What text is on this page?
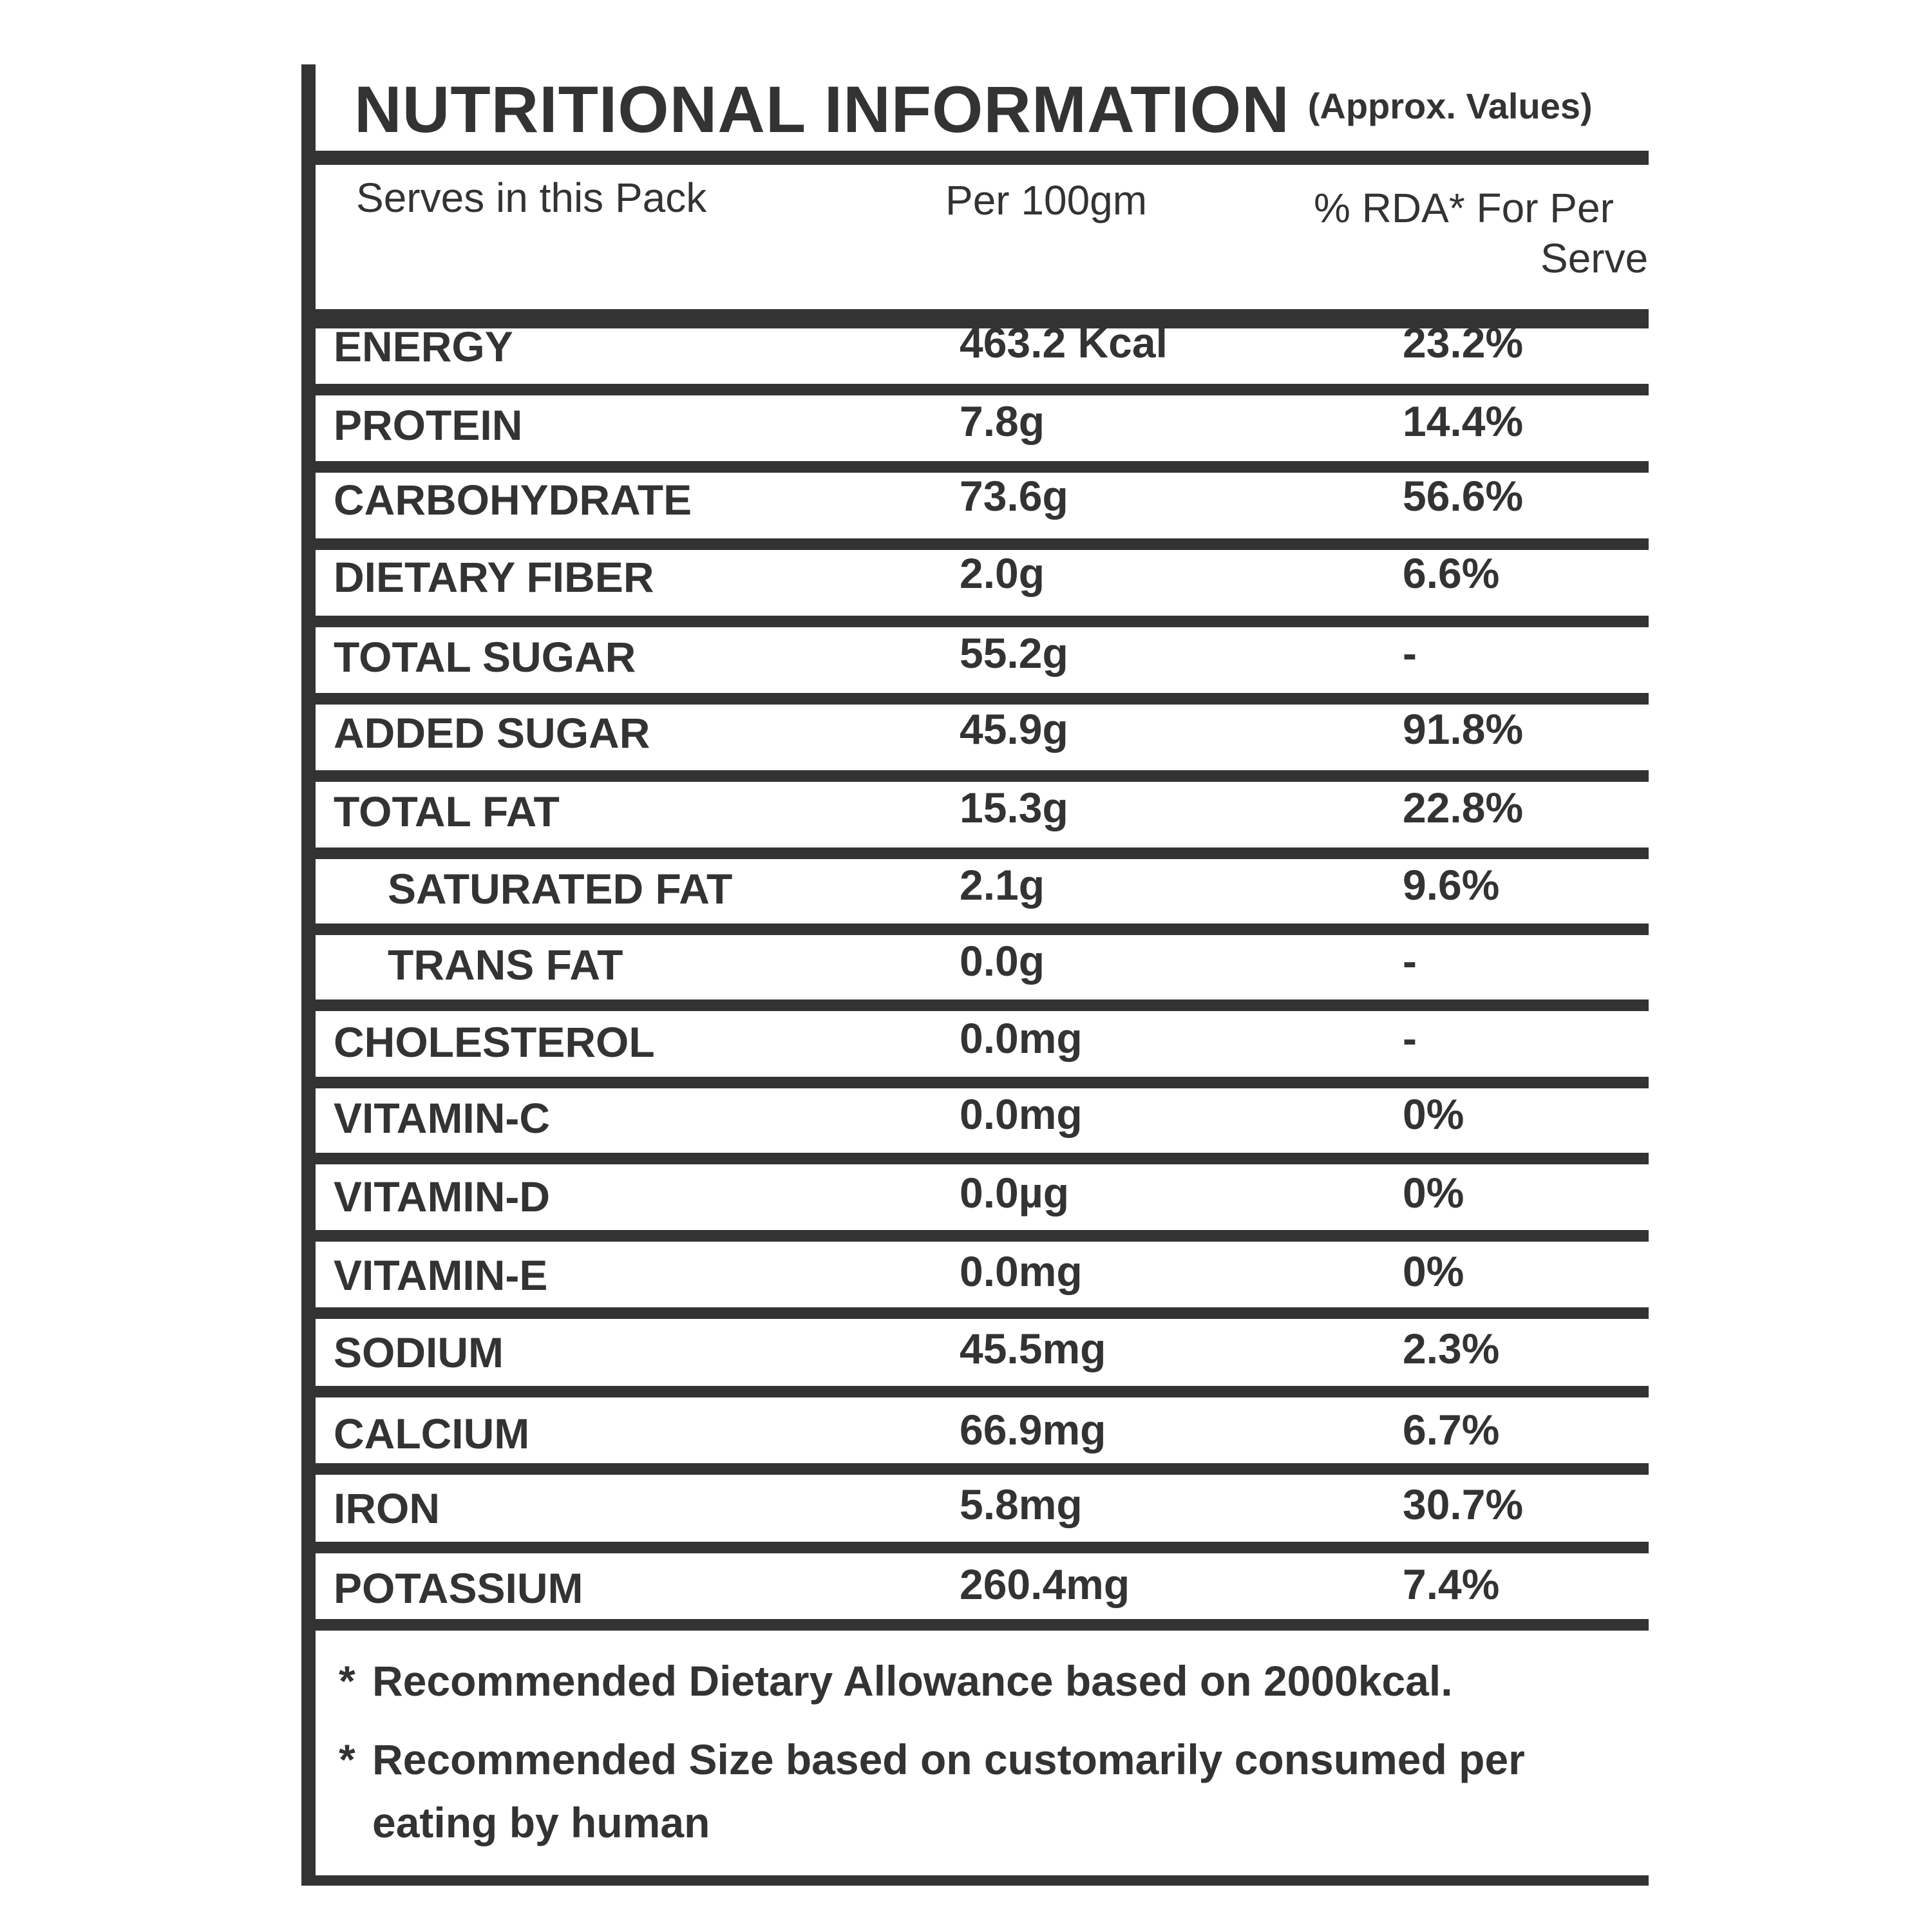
NUTRITIONAL INFORMATION (Approx. Values)
Serves in this Pack	Per 100gm	% RDA* For Per
Serve
* Recommended Dietary Allowance based on 2000kcal.
* Recommended Size based on customarily consumed per
eating by human
ENERGY	463.2 Kcal	23.2%
PROTEIN	7.8g	14.4%
CARBOHYDRATE	73.6g	56.6%
DIETARY FIBER	2.0g	6.6%
TOTAL SUGAR	55.2g	-
ADDED SUGAR	45.9g	91.8%
TOTAL FAT	15.3g	22.8%
SATURATED FAT	2.1g	9.6%
TRANS FAT	0.0g	-
CHOLESTEROL	0.0mg	-
VITAMIN-C	0.0mg	0%
VITAMIN-D	0.0µg	0%
VITAMIN-E	0.0mg	0%
SODIUM	45.5mg	2.3%
CALCIUM	66.9mg	6.7%
IRON	5.8mg	30.7%
POTASSIUM	260.4mg	7.4%
